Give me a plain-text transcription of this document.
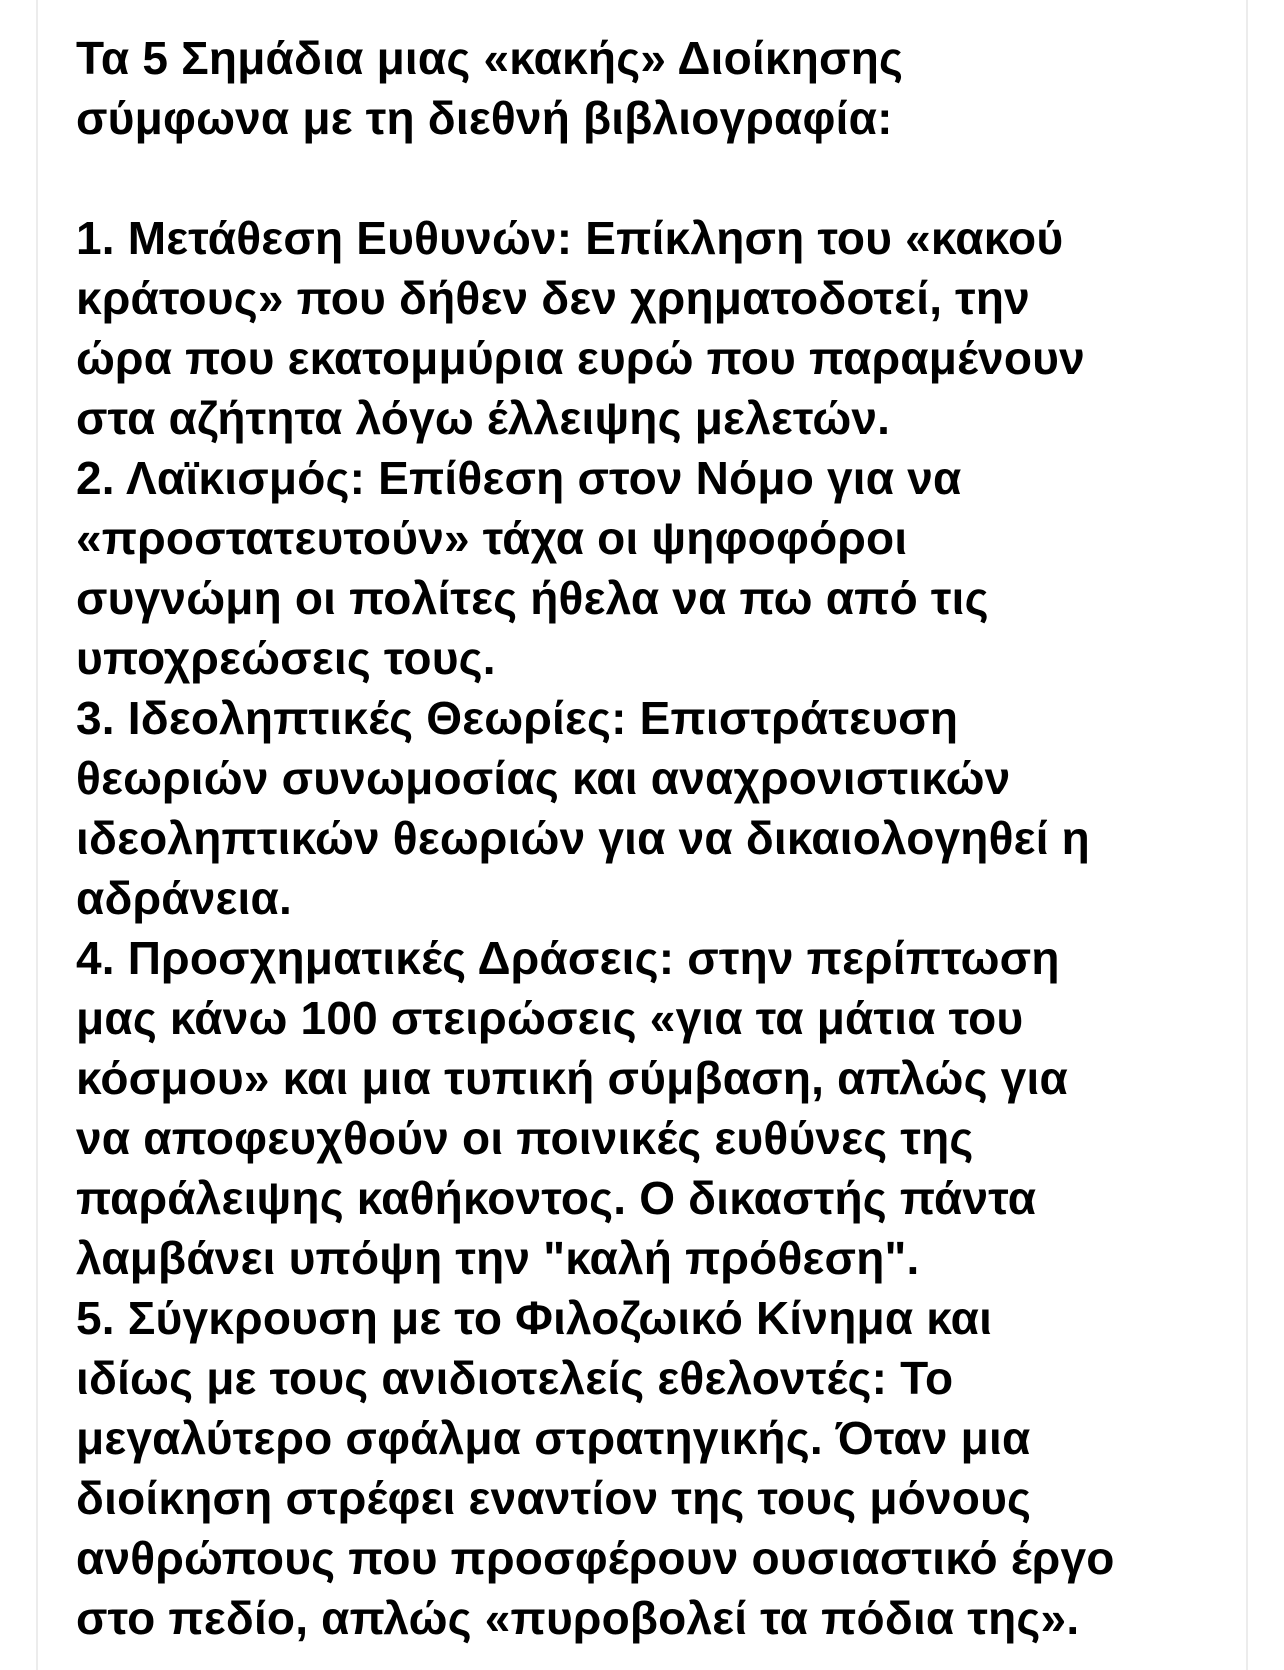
Τα 5 Σημάδια μιας «κακής» Διοίκησης
σύμφωνα με τη διεθνή βιβλιογραφία:
1. Μετάθεση Ευθυνών: Επίκληση του «κακού
κράτους» που δήθεν δεν χρηματοδοτεί, την
ώρα που εκατομμύρια ευρώ που παραμένουν
στα αζήτητα λόγω έλλειψης μελετών.
2. Λαϊκισμός: Επίθεση στον Νόμο για να
«προστατευτούν» τάχα οι ψηφοφόροι
συγνώμη οι πολίτες ήθελα να πω από τις
υποχρεώσεις τους.
3. Ιδεοληπτικές Θεωρίες: Επιστράτευση
θεωριών συνωμοσίας και αναχρονιστικών
ιδεοληπτικών θεωριών για να δικαιολογηθεί η
αδράνεια.
4. Προσχηματικές Δράσεις: στην περίπτωση
μας κάνω 100 στειρώσεις «για τα μάτια του
κόσμου» και μια τυπική σύμβαση, απλώς για
να αποφευχθούν οι ποινικές ευθύνες της
παράλειψης καθήκοντος. Ο δικαστής πάντα
λαμβάνει υπόψη την "καλή πρόθεση".
5. Σύγκρουση με το Φιλοζωικό Κίνημα και
ιδίως με τους ανιδιοτελείς εθελοντές: Το
μεγαλύτερο σφάλμα στρατηγικής. Όταν μια
διοίκηση στρέφει εναντίον της τους μόνους
ανθρώπους που προσφέρουν ουσιαστικό έργο
στο πεδίο, απλώς «πυροβολεί τα πόδια της».
